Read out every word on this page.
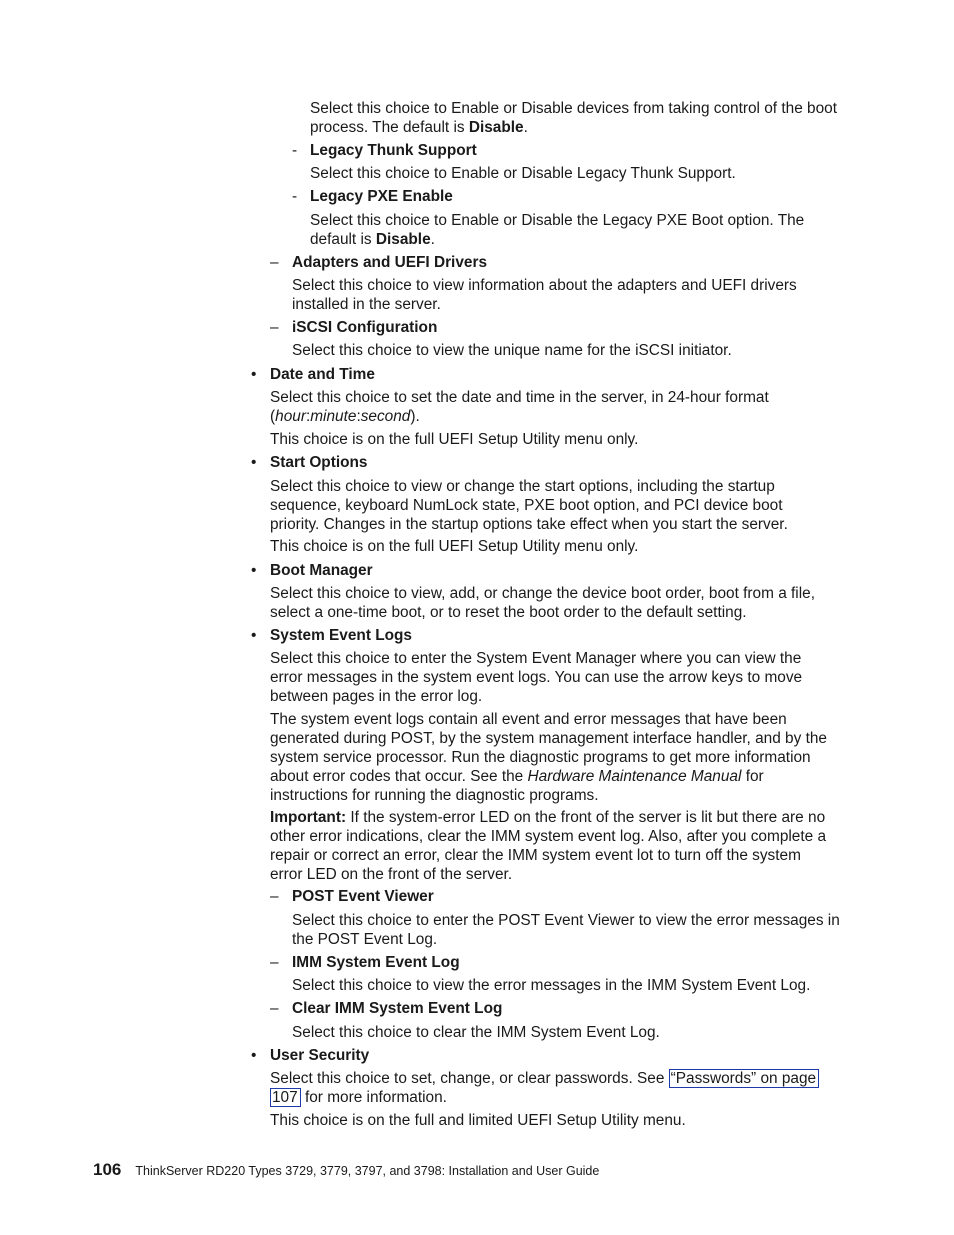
Select this choice to Enable or Disable devices from taking control of the boot process. The default is Disable.

- Legacy Thunk Support

Select this choice to Enable or Disable Legacy Thunk Support.

- Legacy PXE Enable

Select this choice to Enable or Disable the Legacy PXE Boot option. The default is Disable.

– Adapters and UEFI Drivers

Select this choice to view information about the adapters and UEFI drivers installed in the server.

– iSCSI Configuration

Select this choice to view the unique name for the iSCSI initiator.

• Date and Time

Select this choice to set the date and time in the server, in 24-hour format (hour:minute:second).

This choice is on the full UEFI Setup Utility menu only.

• Start Options

Select this choice to view or change the start options, including the startup sequence, keyboard NumLock state, PXE boot option, and PCI device boot priority. Changes in the startup options take effect when you start the server.

This choice is on the full UEFI Setup Utility menu only.

• Boot Manager

Select this choice to view, add, or change the device boot order, boot from a file, select a one-time boot, or to reset the boot order to the default setting.

• System Event Logs

Select this choice to enter the System Event Manager where you can view the error messages in the system event logs. You can use the arrow keys to move between pages in the error log.

The system event logs contain all event and error messages that have been generated during POST, by the system management interface handler, and by the system service processor. Run the diagnostic programs to get more information about error codes that occur. See the Hardware Maintenance Manual for instructions for running the diagnostic programs.

Important: If the system-error LED on the front of the server is lit but there are no other error indications, clear the IMM system event log. Also, after you complete a repair or correct an error, clear the IMM system event lot to turn off the system error LED on the front of the server.

– POST Event Viewer

Select this choice to enter the POST Event Viewer to view the error messages in the POST Event Log.

– IMM System Event Log

Select this choice to view the error messages in the IMM System Event Log.

– Clear IMM System Event Log

Select this choice to clear the IMM System Event Log.

• User Security

Select this choice to set, change, or clear passwords. See “Passwords” on page
107 for more information.

This choice is on the full and limited UEFI Setup Utility menu.

106 ThinkServer RD220 Types 3729, 3779, 3797, and 3798: Installation and User Guide
